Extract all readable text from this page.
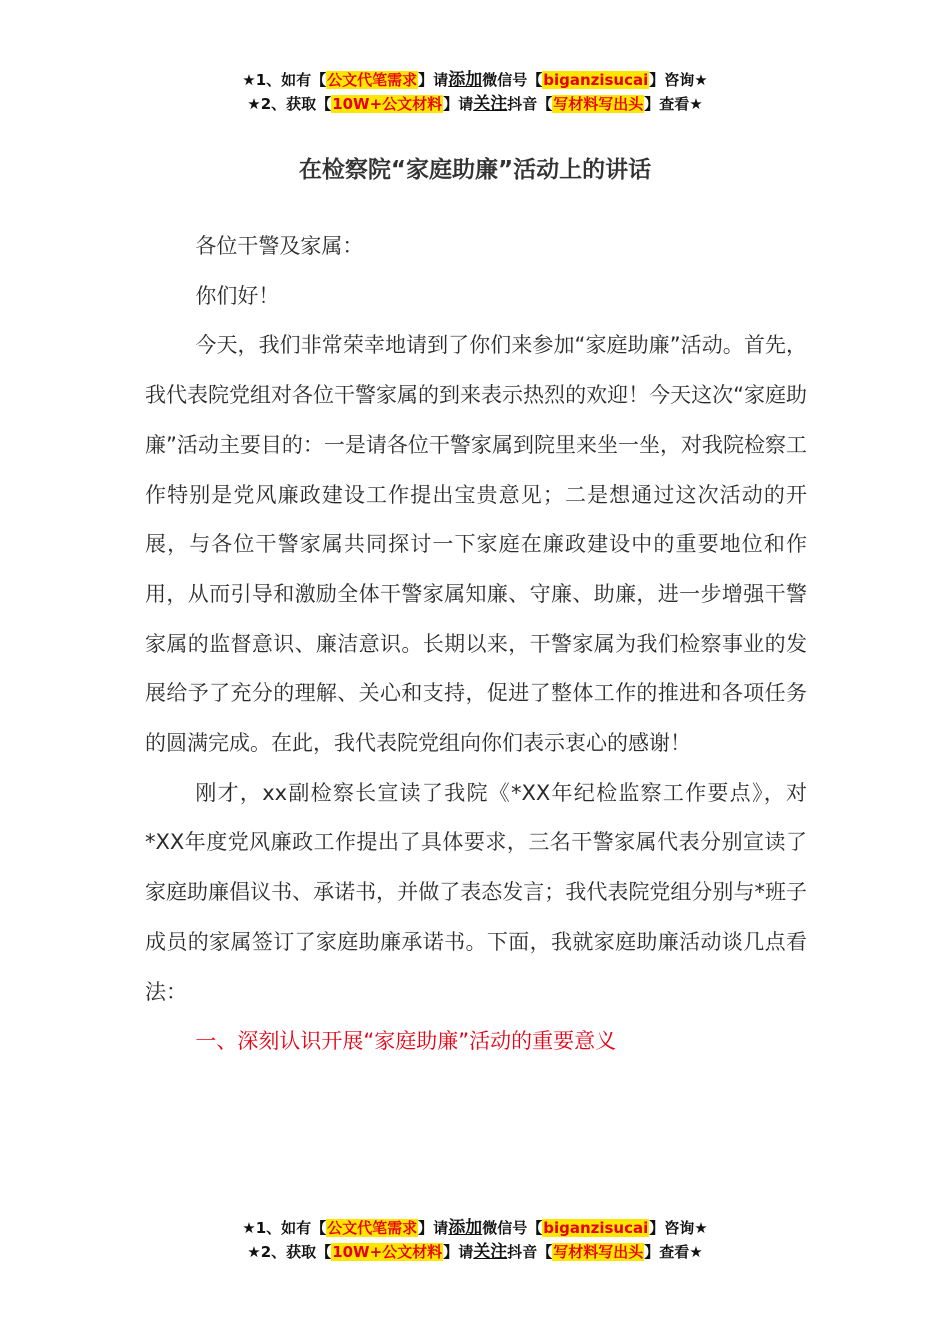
★1、如有【公文代笔需求】请添加微信号【biganzisucai】咨询★
★2、获取【10W+公文材料】请关注抖音【写材料写出头】查看★
在检察院“家庭助廉”活动上的讲话

各位干警及家属：

你们好！

今天，我们非常荣幸地请到了你们来参加“家庭助廉”活动。首先，我代表院党组对各位干警家属的到来表示热烈的欢迎！今天这次“家庭助廉”活动主要目的：一是请各位干警家属到院里来坐一坐，对我院检察工作特别是党风廉政建设工作提出宝贵意见；二是想通过这次活动的开展，与各位干警家属共同探讨一下家庭在廉政建设中的重要地位和作用，从而引导和激励全体干警家属知廉、守廉、助廉，进一步增强干警家属的监督意识、廉洁意识。长期以来，干警家属为我们检察事业的发展给予了充分的理解、关心和支持，促进了整体工作的推进和各项任务的圆满完成。在此，我代表院党组向你们表示衷心的感谢！

刚才，xx副检察长宣读了我院《*XX年纪检监察工作要点》，对*XX年度党风廉政工作提出了具体要求，三名干警家属代表分别宣读了家庭助廉倡议书、承诺书，并做了表态发言；我代表院党组分别与*班子成员的家属签订了家庭助廉承诺书。下面，我就家庭助廉活动谈几点看法：

一、深刻认识开展“家庭助廉”活动的重要意义

★1、如有【公文代笔需求】请添加微信号【biganzisucai】咨询★
★2、获取【10W+公文材料】请关注抖音【写材料写出头】查看★
